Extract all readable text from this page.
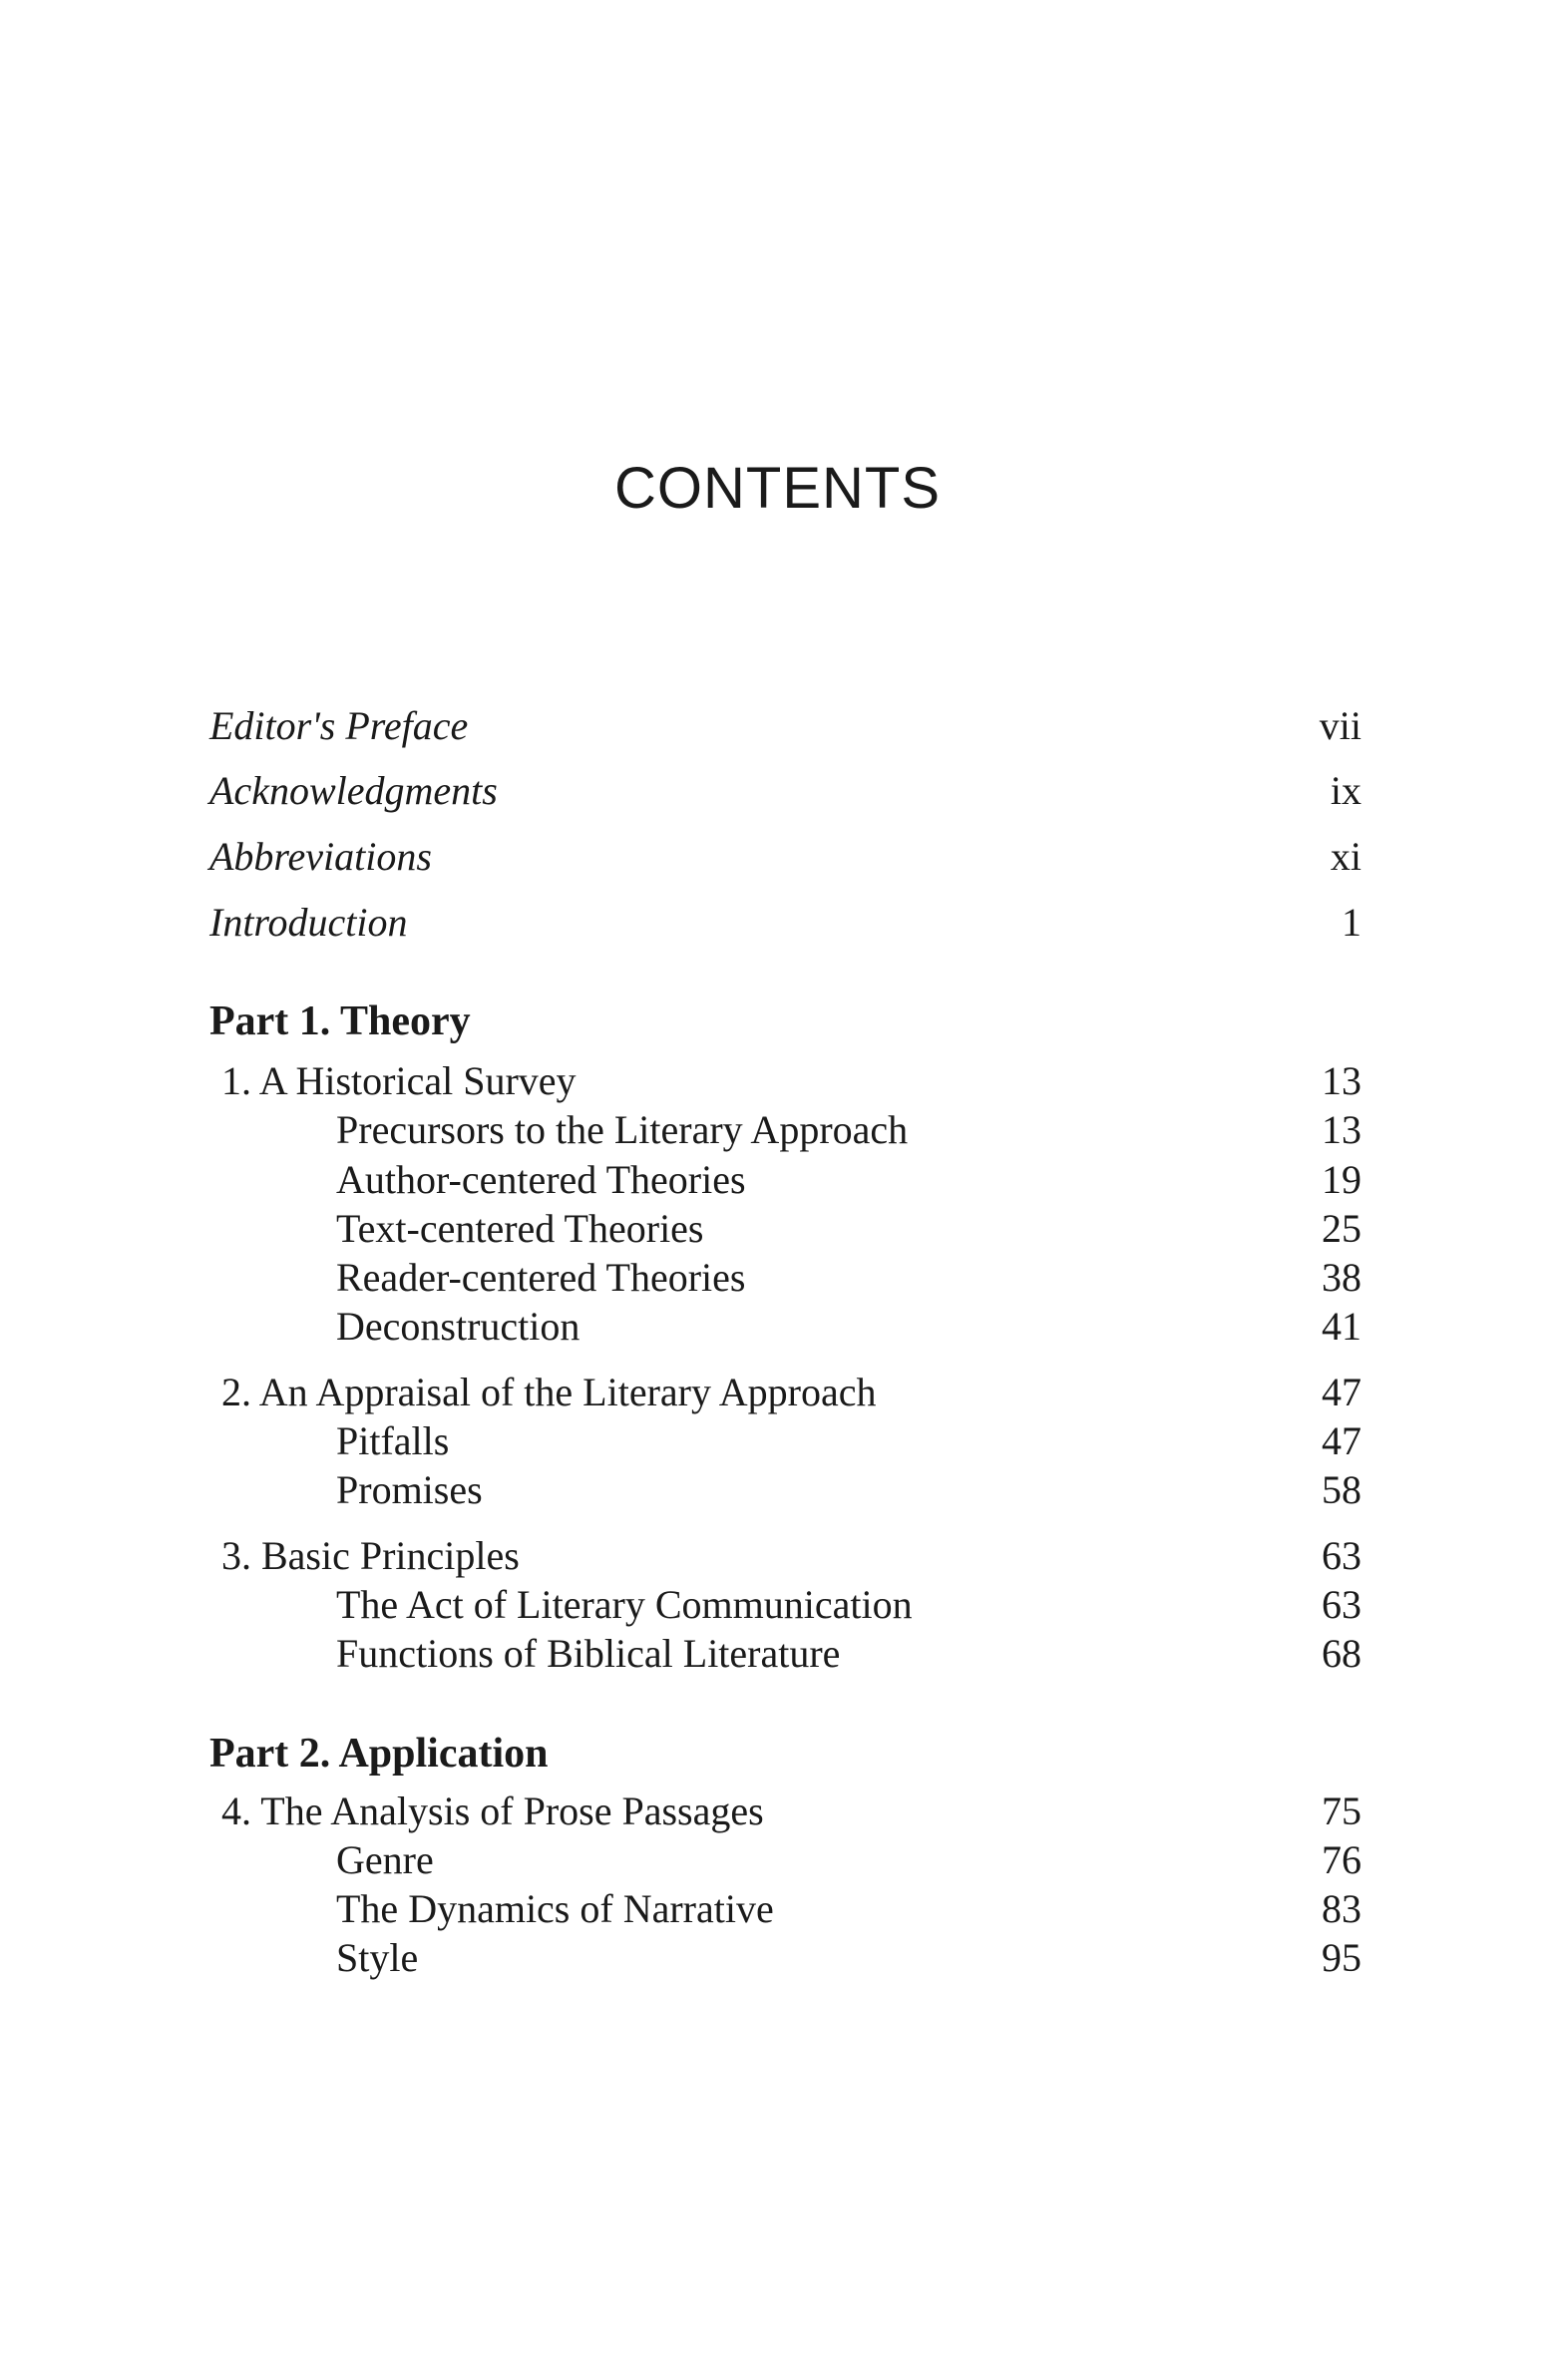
CONTENTS
Editor's Preface	vii
Acknowledgments	ix
Abbreviations	xi
Introduction	1
Part 1. Theory
1. A Historical Survey	13
Precursors to the Literary Approach	13
Author-centered Theories	19
Text-centered Theories	25
Reader-centered Theories	38
Deconstruction	41
2. An Appraisal of the Literary Approach	47
Pitfalls	47
Promises	58
3. Basic Principles	63
The Act of Literary Communication	63
Functions of Biblical Literature	68
Part 2. Application
4. The Analysis of Prose Passages	75
Genre	76
The Dynamics of Narrative	83
Style	95
